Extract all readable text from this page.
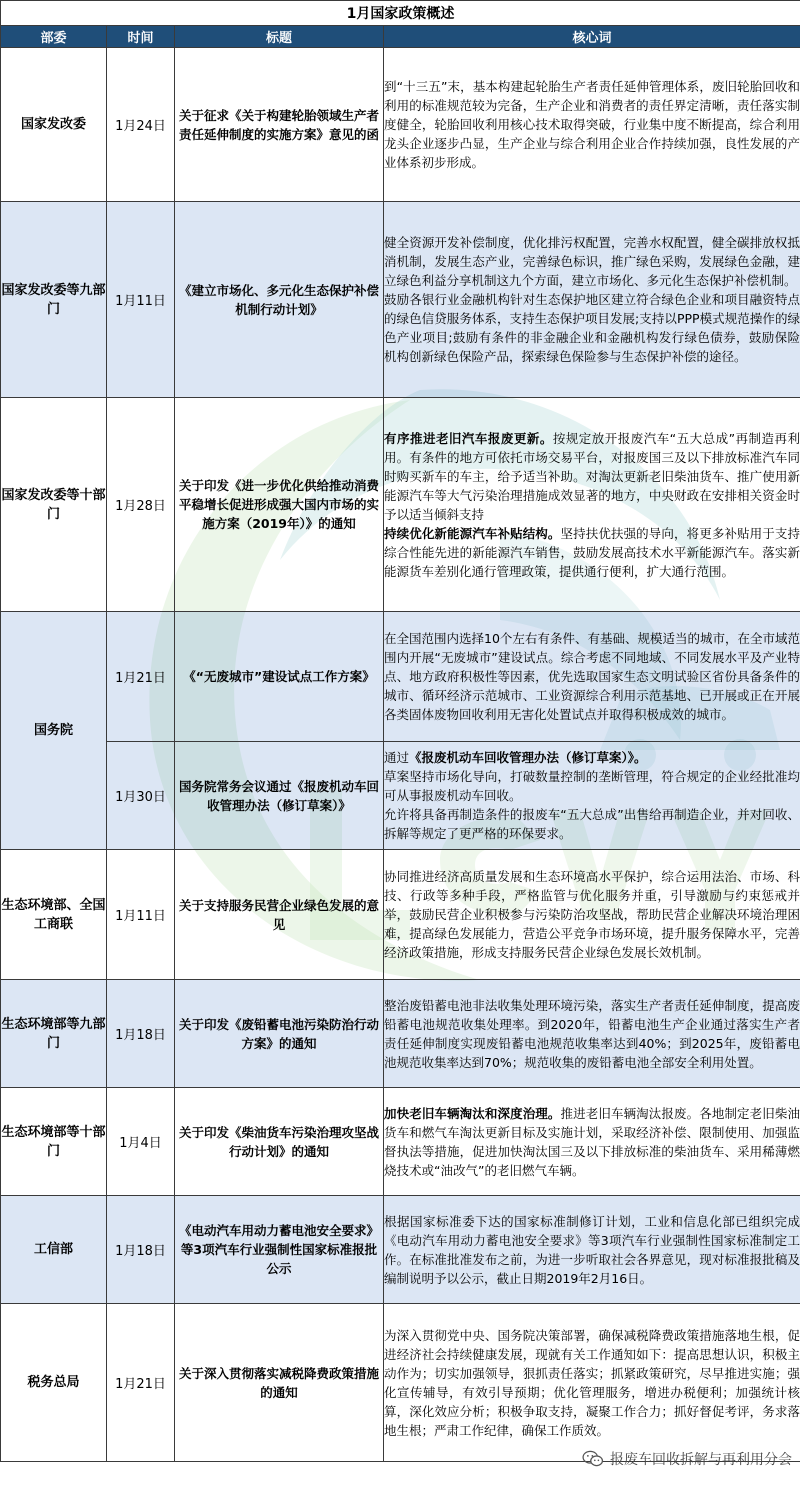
1月国家政策概述			
部委	时间	标题	核心词
国家发改委	1月24日	关于征求《关于构建轮胎领域生产者责任延伸制度的实施方案》意见的函	到“十三五”末，基本构建起轮胎生产者责任延伸管理体系，废旧轮胎回收和利用的标准规范较为完备，生产企业和消费者的责任界定清晰，责任落实制度健全，轮胎回收利用核心技术取得突破，行业集中度不断提高，综合利用龙头企业逐步凸显，生产企业与综合利用企业合作持续加强，良性发展的产业体系初步形成。

国家发改委等九部门	1月11日	《建立市场化、多元化生态保护补偿机制行动计划》	健全资源开发补偿制度，优化排污权配置，完善水权配置，健全碳排放权抵消机制，发展生态产业，完善绿色标识，推广绿色采购，发展绿色金融，建立绿色利益分享机制这九个方面，建立市场化、多元化生态保护补偿机制。
鼓励各银行业金融机构针对生态保护地区建立符合绿色企业和项目融资特点的绿色信贷服务体系，支持生态保护项目发展;支持以PPP模式规范操作的绿色产业项目;鼓励有条件的非金融企业和金融机构发行绿色债券，鼓励保险机构创新绿色保险产品，探索绿色保险参与生态保护补偿的途径。

国家发改委等十部门	1月28日	关于印发《进一步优化供给推动消费平稳增长促进形成强大国内市场的实施方案（2019年）》的通知	有序推进老旧汽车报废更新。按规定放开报废汽车“五大总成”再制造再利用。有条件的地方可依托市场交易平台，对报废国三及以下排放标准汽车同时购买新车的车主，给予适当补助。对淘汰更新老旧柴油货车、推广使用新能源汽车等大气污染治理措施成效显著的地方，中央财政在安排相关资金时予以适当倾斜支持
持续优化新能源汽车补贴结构。坚持扶优扶强的导向，将更多补贴用于支持综合性能先进的新能源汽车销售，鼓励发展高技术水平新能源汽车。落实新能源货车差别化通行管理政策，提供通行便利，扩大通行范围。

国务院	1月21日	《“无废城市”建设试点工作方案》	在全国范围内选择10个左右有条件、有基础、规模适当的城市，在全市域范围内开展“无废城市”建设试点。综合考虑不同地域、不同发展水平及产业特点、地方政府积极性等因素，优先选取国家生态文明试验区省份具备条件的城市、循环经济示范城市、工业资源综合利用示范基地、已开展或正在开展各类固体废物回收利用无害化处置试点并取得积极成效的城市。

	1月30日	国务院常务会议通过《报废机动车回收管理办法（修订草案）》	通过《报废机动车回收管理办法（修订草案）》。
草案坚持市场化导向，打破数量控制的垄断管理，符合规定的企业经批准均可从事报废机动车回收。
允许将具备再制造条件的报废车“五大总成”出售给再制造企业，并对回收、拆解等规定了更严格的环保要求。

生态环境部、全国工商联	1月11日	关于支持服务民营企业绿色发展的意见	协同推进经济高质量发展和生态环境高水平保护，综合运用法治、市场、科技、行政等多种手段，严格监管与优化服务并重，引导激励与约束惩戒并举，鼓励民营企业积极参与污染防治攻坚战，帮助民营企业解决环境治理困难，提高绿色发展能力，营造公平竞争市场环境，提升服务保障水平，完善经济政策措施，形成支持服务民营企业绿色发展长效机制。

生态环境部等九部门	1月18日	关于印发《废铅蓄电池污染防治行动方案》的通知	整治废铅蓄电池非法收集处理环境污染，落实生产者责任延伸制度，提高废铅蓄电池规范收集处理率。到2020年，铅蓄电池生产企业通过落实生产者责任延伸制度实现废铅蓄电池规范收集率达到40%；到2025年，废铅蓄电池规范收集率达到70%；规范收集的废铅蓄电池全部安全利用处置。

生态环境部等十部门	1月4日	关于印发《柴油货车污染治理攻坚战行动计划》的通知	加快老旧车辆淘汰和深度治理。推进老旧车辆淘汰报废。各地制定老旧柴油货车和燃气车淘汰更新目标及实施计划，采取经济补偿、限制使用、加强监督执法等措施，促进加快淘汰国三及以下排放标准的柴油货车、采用稀薄燃烧技术或“油改气”的老旧燃气车辆。

工信部	1月18日	《电动汽车用动力蓄电池安全要求》等3项汽车行业强制性国家标准报批公示	根据国家标准委下达的国家标准制修订计划，工业和信息化部已组织完成《电动汽车用动力蓄电池安全要求》等3项汽车行业强制性国家标准制定工作。在标准批准发布之前，为进一步听取社会各界意见，现对标准报批稿及编制说明予以公示，截止日期2019年2月16日。

税务总局	1月21日	关于深入贯彻落实减税降费政策措施的通知	为深入贯彻党中央、国务院决策部署，确保减税降费政策措施落地生根，促进经济社会持续健康发展，现就有关工作通知如下：提高思想认识，积极主动作为；切实加强领导，狠抓责任落实；抓紧政策研究，尽早推进实施；强化宣传辅导，有效引导预期；优化管理服务，增进办税便利；加强统计核算，深化效应分析；积极争取支持，凝聚工作合力；抓好督促考评，务求落地生根；严肃工作纪律，确保工作质效。
报废车回收拆解与再利用分会
